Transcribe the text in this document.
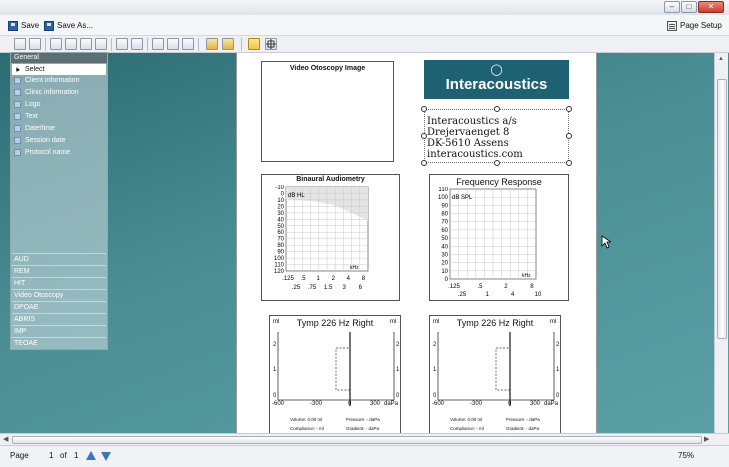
–	□	✕
Save Save As...	Page Setup
General
▲
Select
Client information
Clinic information
Logo
Text
Date/time
Session date
Protocol name
AUD
REM
HIT
Video Otoscopy
DPOAE
ABRIS
IMP
TEOAE
Video Otoscopy Image	◯
Interacoustics
Interacoustics a/s
Drejervaenget 8
DK-5610 Assens
interacoustics.com
Binaural Audiometry
dB HL
kHz
-10
0
10
20
30
40
50
60
70
80
90
100
110
120
.125 .5 1 2 4 8
.25 .75 1.5 3 6
Frequency Response
dB SPL
kHz
110
100
90
80
70
60
50
40
30
20
10
0
.125	.5	2	8
.25	1	4	10
Tymp 226 Hz Right
ml	ml
2
1
0
2
1
0
-600	-300	0	300 daPa
Volume: 0,00 ml	Pressure: - daPa
Compliance: - ml	Gradient: - daPa
Tymp 226 Hz Right
ml	ml
2
1
0
2
1
0
-600	-300	0	300 daPa
Volume: 0,00 ml	Pressure: - daPa
Compliance: - ml	Gradient: - daPa
▲
◀	▶
Page	1 of 1	75%
